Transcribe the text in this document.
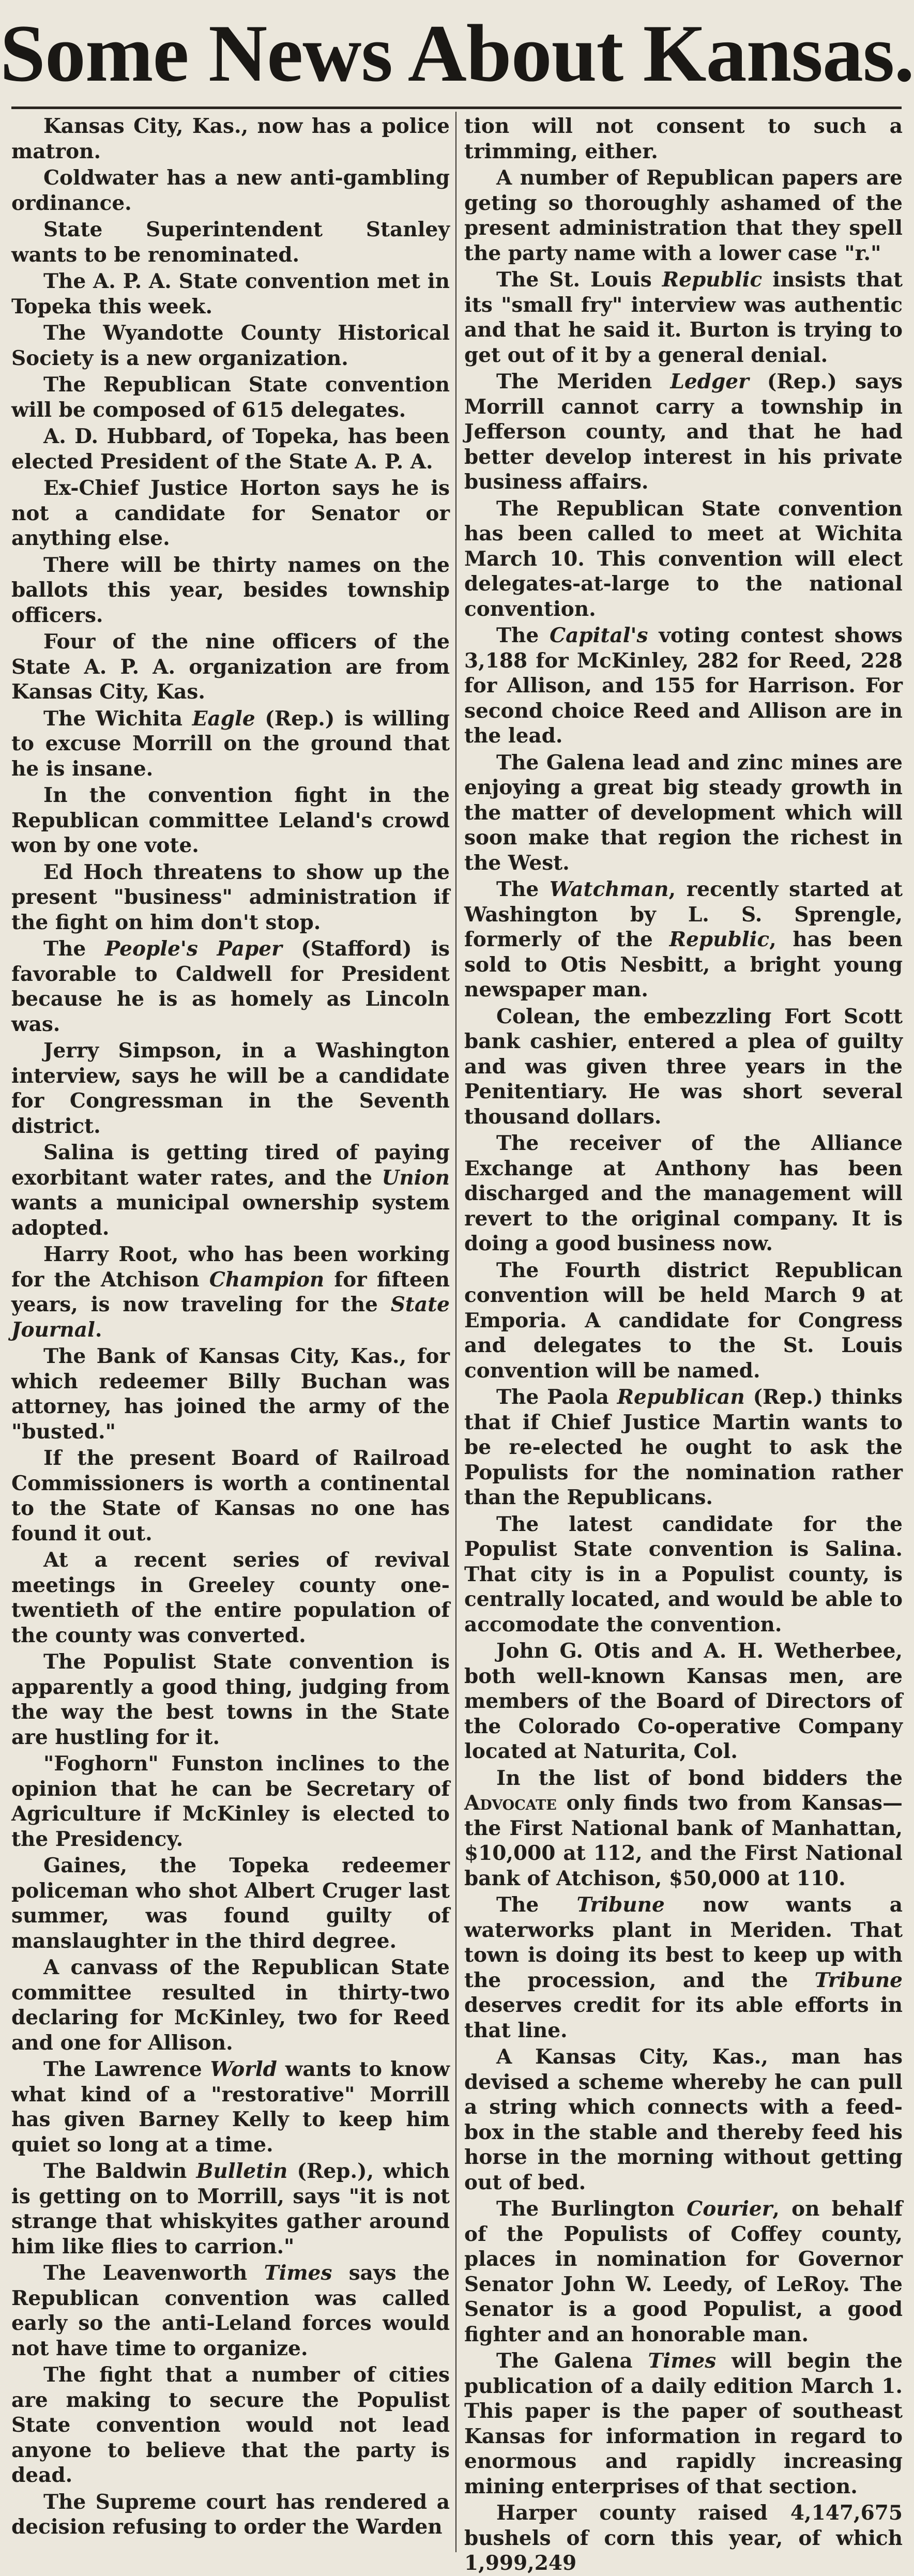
Some News About Kansas.

Kansas City, Kas., now has a police matron.

Coldwater has a new anti-gambling ordinance.

State Superintendent Stanley wants to be renominated.

The A. P. A. State convention met in Topeka this week.

The Wyandotte County Historical Society is a new organization.

The Republican State convention will be composed of 615 delegates.

A. D. Hubbard, of Topeka, has been elected President of the State A. P. A.

Ex-Chief Justice Horton says he is not a candidate for Senator or anything else.

There will be thirty names on the ballots this year, besides township officers.

Four of the nine officers of the State A. P. A. organization are from Kansas City, Kas.

The Wichita Eagle (Rep.) is willing to excuse Morrill on the ground that he is insane.

In the convention fight in the Republican committee Leland's crowd won by one vote.

Ed Hoch threatens to show up the present "business" administration if the fight on him don't stop.

The People's Paper (Stafford) is favorable to Caldwell for President because he is as homely as Lincoln was.

Jerry Simpson, in a Washington interview, says he will be a candidate for Congressman in the Seventh district.

Salina is getting tired of paying exorbitant water rates, and the Union wants a municipal ownership system adopted.

Harry Root, who has been working for the Atchison Champion for fifteen years, is now traveling for the State Journal.

The Bank of Kansas City, Kas., for which redeemer Billy Buchan was attorney, has joined the army of the "busted."

If the present Board of Railroad Commissioners is worth a continental to the State of Kansas no one has found it out.

At a recent series of revival meetings in Greeley county one-twentieth of the entire population of the county was converted.

The Populist State convention is apparently a good thing, judging from the way the best towns in the State are hustling for it.

"Foghorn" Funston inclines to the opinion that he can be Secretary of Agriculture if McKinley is elected to the Presidency.

Gaines, the Topeka redeemer policeman who shot Albert Cruger last summer, was found guilty of manslaughter in the third degree.

A canvass of the Republican State committee resulted in thirty-two declaring for McKinley, two for Reed and one for Allison.

The Lawrence World wants to know what kind of a "restorative" Morrill has given Barney Kelly to keep him quiet so long at a time.

The Baldwin Bulletin (Rep.), which is getting on to Morrill, says "it is not strange that whiskyites gather around him like flies to carrion."

The Leavenworth Times says the Republican convention was called early so the anti-Leland forces would not have time to organize.

The fight that a number of cities are making to secure the Populist State convention would not lead anyone to believe that the party is dead.

The Supreme court has rendered a decision refusing to order the Warden

tion will not consent to such a trimming, either.

A number of Republican papers are geting so thoroughly ashamed of the present administration that they spell the party name with a lower case "r."

The St. Louis Republic insists that its "small fry" interview was authentic and that he said it. Burton is trying to get out of it by a general denial.

The Meriden Ledger (Rep.) says Morrill cannot carry a township in Jefferson county, and that he had better develop interest in his private business affairs.

The Republican State convention has been called to meet at Wichita March 10. This convention will elect delegates-at-large to the national convention.

The Capital's voting contest shows 3,188 for McKinley, 282 for Reed, 228 for Allison, and 155 for Harrison. For second choice Reed and Allison are in the lead.

The Galena lead and zinc mines are enjoying a great big steady growth in the matter of development which will soon make that region the richest in the West.

The Watchman, recently started at Washington by L. S. Sprengle, formerly of the Republic, has been sold to Otis Nesbitt, a bright young newspaper man.

Colean, the embezzling Fort Scott bank cashier, entered a plea of guilty and was given three years in the Penitentiary. He was short several thousand dollars.

The receiver of the Alliance Exchange at Anthony has been discharged and the management will revert to the original company. It is doing a good business now.

The Fourth district Republican convention will be held March 9 at Emporia. A candidate for Congress and delegates to the St. Louis convention will be named.

The Paola Republican (Rep.) thinks that if Chief Justice Martin wants to be re-elected he ought to ask the Populists for the nomination rather than the Republicans.

The latest candidate for the Populist State convention is Salina. That city is in a Populist county, is centrally located, and would be able to accomodate the convention.

John G. Otis and A. H. Wetherbee, both well-known Kansas men, are members of the Board of Directors of the Colorado Co-operative Company located at Naturita, Col.

In the list of bond bidders the Advocate only finds two from Kansas—the First National bank of Manhattan, $10,000 at 112, and the First National bank of Atchison, $50,000 at 110.

The Tribune now wants a waterworks plant in Meriden. That town is doing its best to keep up with the procession, and the Tribune deserves credit for its able efforts in that line.

A Kansas City, Kas., man has devised a scheme whereby he can pull a string which connects with a feed-box in the stable and thereby feed his horse in the morning without getting out of bed.

The Burlington Courier, on behalf of the Populists of Coffey county, places in nomination for Governor Senator John W. Leedy, of LeRoy. The Senator is a good Populist, a good fighter and an honorable man.

The Galena Times will begin the publication of a daily edition March 1. This paper is the paper of southeast Kansas for information in regard to enormous and rapidly increasing mining enterprises of that section.

Harper county raised 4,147,675 bushels of corn this year, of which 1,999,249
